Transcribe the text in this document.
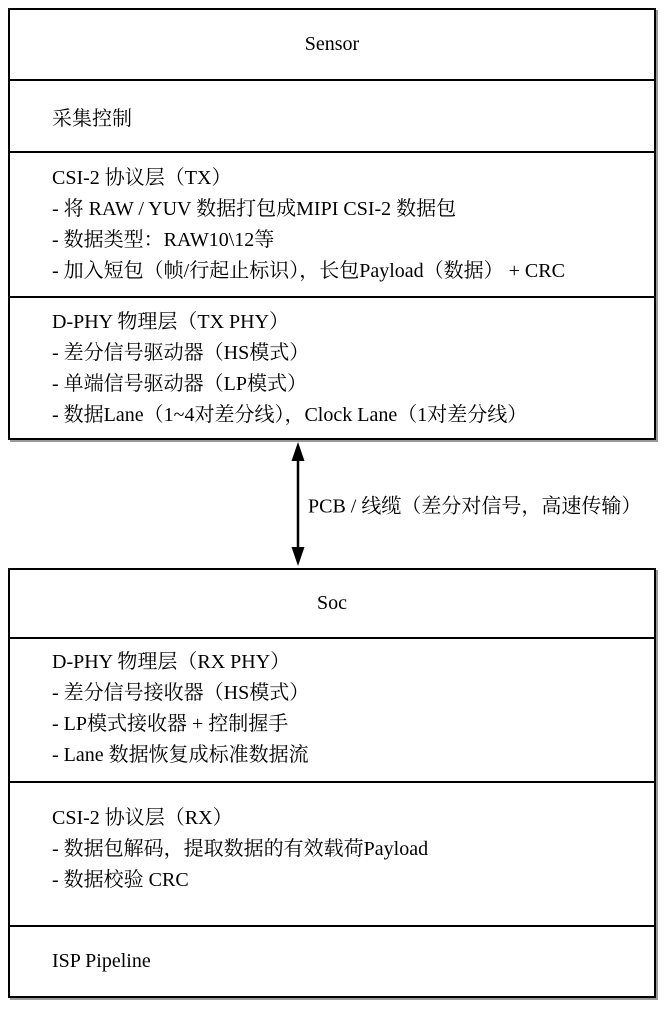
Sensor
采集控制
CSI-2 协议层（TX）
- 将 RAW / YUV 数据打包成MIPI CSI-2 数据包
- 数据类型：RAW10\12等
- 加入短包（帧/行起止标识），长包Payload（数据） + CRC
D-PHY 物理层（TX PHY）
- 差分信号驱动器（HS模式）
- 单端信号驱动器（LP模式）
- 数据Lane（1~4对差分线），Clock Lane（1对差分线）
PCB / 线缆（差分对信号，高速传输）
Soc
D-PHY 物理层（RX PHY）
- 差分信号接收器（HS模式）
- LP模式接收器 + 控制握手
- Lane 数据恢复成标准数据流
CSI-2 协议层（RX）
- 数据包解码，提取数据的有效载荷Payload
- 数据校验 CRC
ISP Pipeline
